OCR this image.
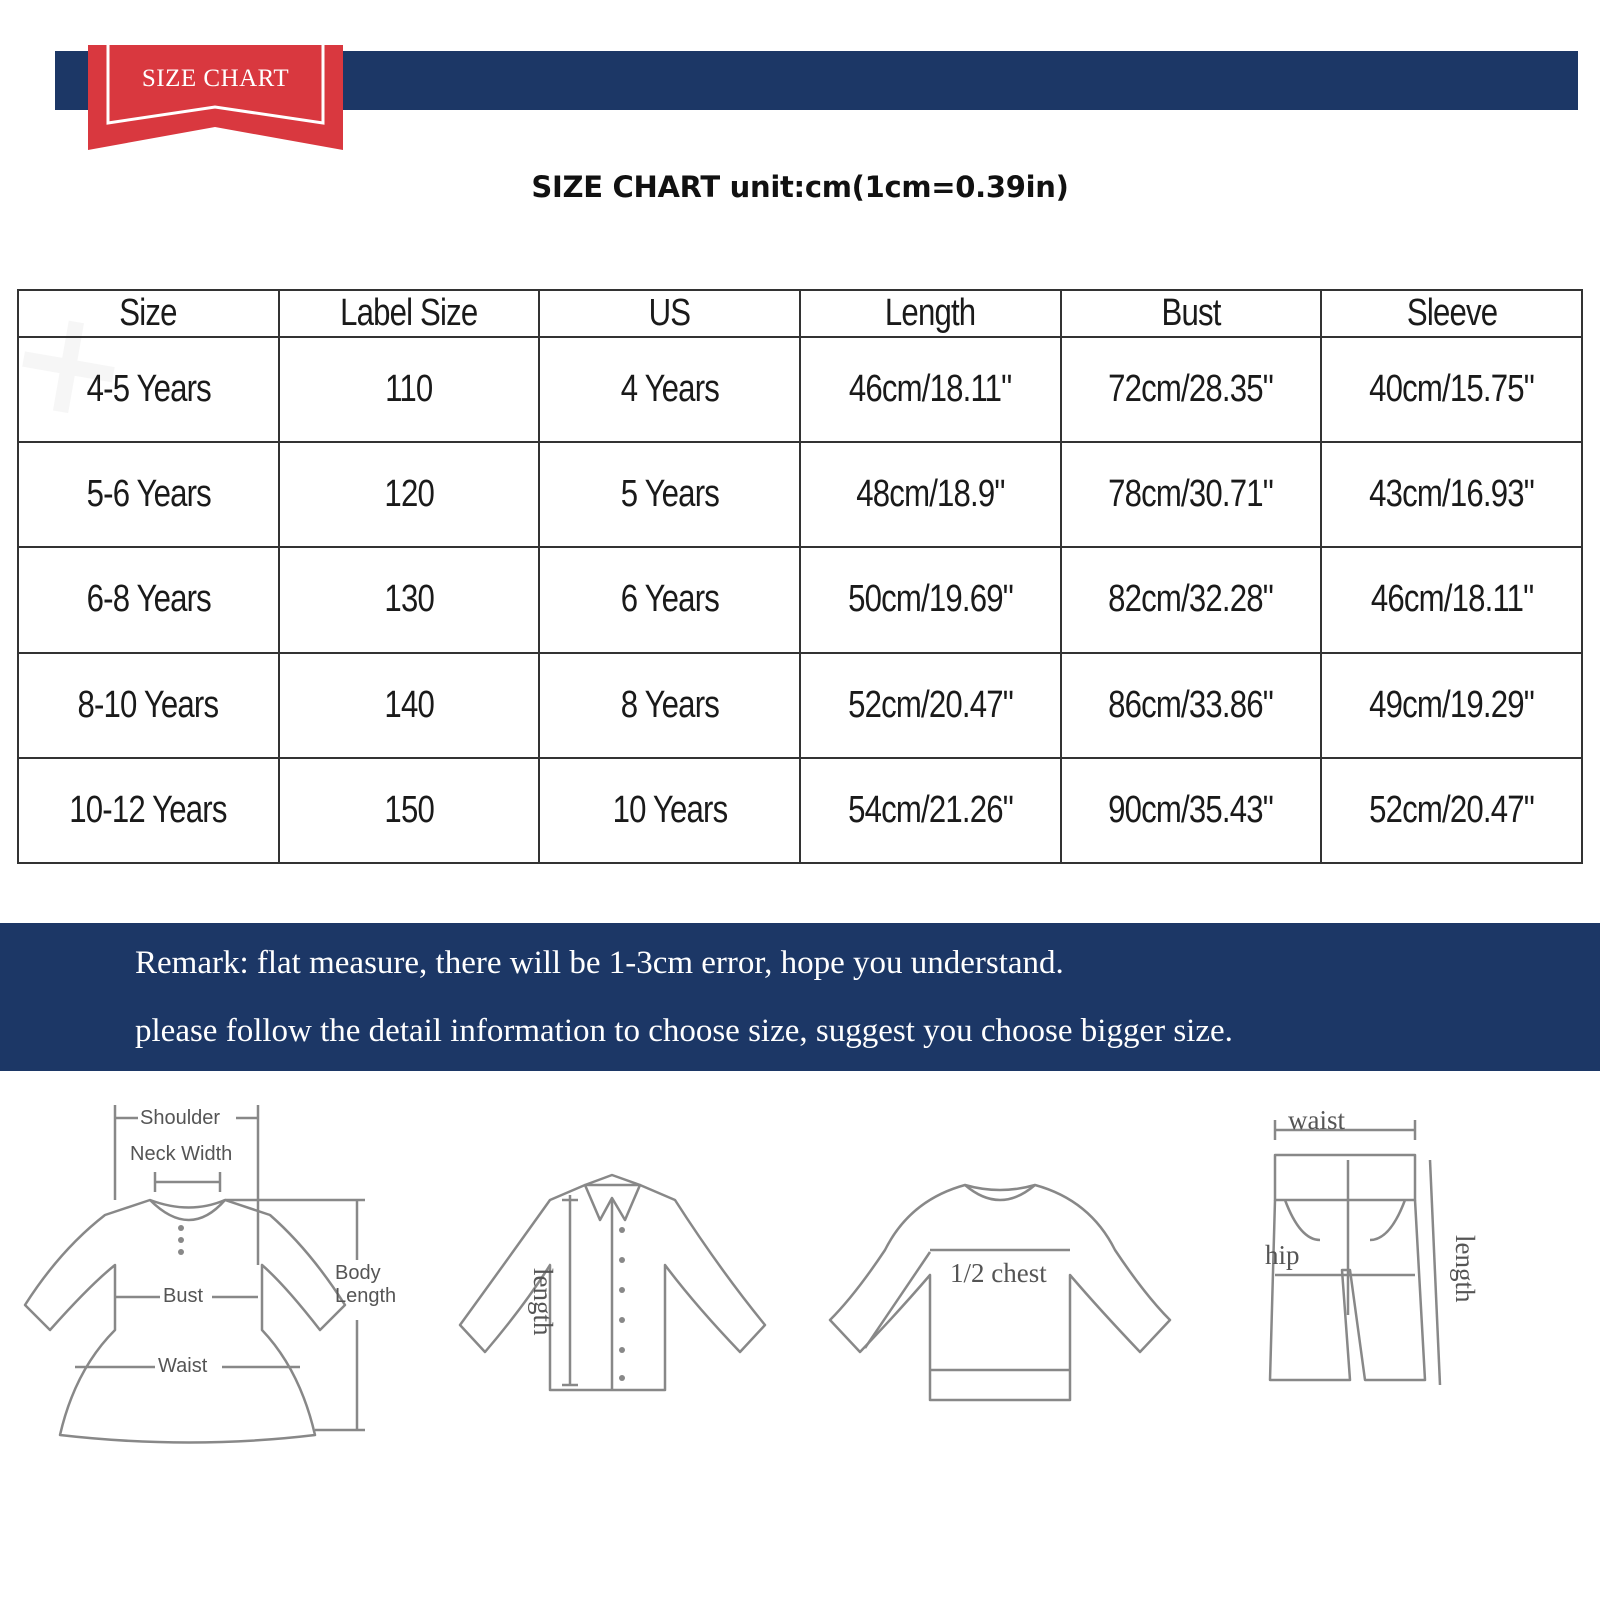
SIZE CHART
SIZE CHART unit:cm(1cm=0.39in)
Size	Label Size	US	Length	Bust	Sleeve
4-5 Years	110	4 Years	46cm/18.11"	72cm/28.35"	40cm/15.75"
5-6 Years	120	5 Years	48cm/18.9"	78cm/30.71"	43cm/16.93"
6-8 Years	130	6 Years	50cm/19.69"	82cm/32.28"	46cm/18.11"
8-10 Years	140	8 Years	52cm/20.47"	86cm/33.86"	49cm/19.29"
10-12 Years	150	10 Years	54cm/21.26"	90cm/35.43"	52cm/20.47"
Remark: flat measure, there will be 1-3cm error, hope you understand.
please follow the detail information to choose size, suggest you choose bigger size.
Shoulder
Neck Width
Body
Length
Bust
Waist
length	1/2 chest
waist
hip	length
